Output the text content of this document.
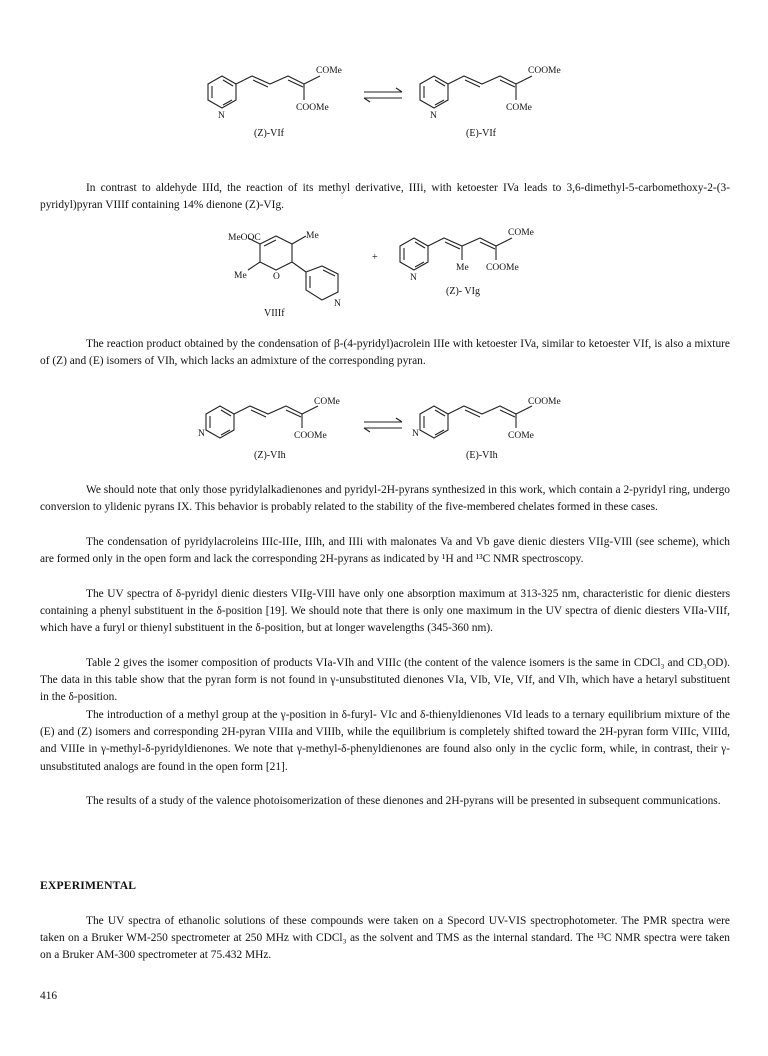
N
COMe
COOMe
N
COOMe
COMe
(Z)-VIf	(E)-VIf

In contrast to aldehyde IIId, the reaction of its methyl derivative, IIIi, with ketoester IVa leads to 3,6-dimethyl-5-carbomethoxy-2-(3-pyridyl)pyran VIIIf containing 14% dienone (Z)-VIg.

MeOOC	Me
Me	O
N
VIIIf
+
N
COMe
Me COOMe
(Z)- VIg

The reaction product obtained by the condensation of β-(4-pyridyl)acrolein IIIe with ketoester IVa, similar to ketoester VIf, is also a mixture of (Z) and (E) isomers of VIh, which lacks an admixture of the corresponding pyran.

N
COMe
COOMe	N
COOMe
COMe
(Z)-VIh	(E)-VIh

We should note that only those pyridylalkadienones and pyridyl-2H-pyrans synthesized in this work, which contain a 2-pyridyl ring, undergo conversion to ylidenic pyrans IX. This behavior is probably related to the stability of the five-membered chelates formed in these cases.

The condensation of pyridylacroleins IIIc-IIIe, IIIh, and IIIi with malonates Va and Vb gave dienic diesters VIIg-VIIl (see scheme), which are formed only in the open form and lack the corresponding 2H-pyrans as indicated by ¹H and ¹³C NMR spectroscopy.

The UV spectra of δ-pyridyl dienic diesters VIIg-VIIl have only one absorption maximum at 313-325 nm, characteristic for dienic diesters containing a phenyl substituent in the δ-position [19]. We should note that there is only one maximum in the UV spectra of dienic diesters VIIa-VIIf, which have a furyl or thienyl substituent in the δ-position, but at longer wavelengths (345-360 nm).

Table 2 gives the isomer composition of products VIa-VIh and VIIIc (the content of the valence isomers is the same in CDCl₃ and CD₃OD). The data in this table show that the pyran form is not found in γ-unsubstituted dienones VIa, VIb, VIe, VIf, and VIh, which have a hetaryl substituent in the δ-position.

The introduction of a methyl group at the γ-position in δ-furyl- VIc and δ-thienyldienones VId leads to a ternary equilibrium mixture of the (E) and (Z) isomers and corresponding 2H-pyran VIIIa and VIIIb, while the equilibrium is completely shifted toward the 2H-pyran form VIIIc, VIIId, and VIIIe in γ-methyl-δ-pyridyldienones. We note that γ-methyl-δ-phenyldienones are found also only in the cyclic form, while, in contrast, their γ-unsubstituted analogs are found in the open form [21].

The results of a study of the valence photoisomerization of these dienones and 2H-pyrans will be presented in subsequent communications.

EXPERIMENTAL

The UV spectra of ethanolic solutions of these compounds were taken on a Specord UV-VIS spectrophotometer. The PMR spectra were taken on a Bruker WM-250 spectrometer at 250 MHz with CDCl₃ as the solvent and TMS as the internal standard. The ¹³C NMR spectra were taken on a Bruker AM-300 spectrometer at 75.432 MHz.

416
